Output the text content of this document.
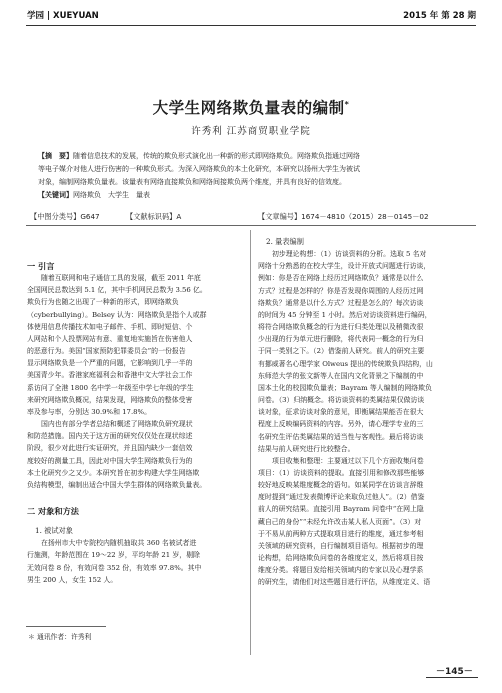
学园 | XUEYUAN	2015 年 第 28 期
大学生网络欺负量表的编制*
许秀利 江苏商贸职业学院
【摘　要】随着信息技术的发展，传统的欺负形式演化出一种新的形式即网络欺负。网络欺负指通过网络
等电子媒介对他人进行伤害的一种欺负形式。为深入网络欺负的本土化研究，本研究以扬州大学生为被试
对象，编制网络欺负量表。该量表有网络直接欺负和网络间接欺负两个维度，并具有良好的信效度。
【关键词】网络欺负　大学生　量表
【中图分类号】G647	【文献标识码】A	【文章编号】1674－4810（2015）28－0145－02
一 引言
随着互联网和电子通信工具的发展，截至 2011 年底
全国网民总数达到 5.1 亿，其中手机网民总数为 3.56 亿。
欺负行为也随之出现了一种新的形式，即网络欺负
（cyberbullying）。Belsey 认为：网络欺负是指个人或群
体使用信息传播技术如电子邮件、手机、即时短信、个
人网站和个人投票网站有意、重复地实施旨在伤害他人
的恶意行为。美国“国家预防犯罪委员会”的一份报告
显示网络欺负是一个严重的问题，它影响到几乎一半的
美国青少年。香港家庭福利会和香港中文大学社会工作
系访问了全港 1800 名中学一年级至中学七年级的学生
来研究网络欺负概况，结果发现，网络欺负的整体受害
率及参与率，分别达 30.9%和 17.8%。
国内也有部分学者总结和概述了网络欺负研究现状
和防范措施。国内关于这方面的研究仅仅处在现状综述
阶段，很少对此进行实证研究，并且国内缺少一套信效
度较好的测量工具，因此对中国大学生网络欺负行为的
本土化研究少之又少。本研究旨在初步构建大学生网络欺
负结构模型，编制出适合中国大学生群体的网络欺负量表。
二 对象和方法
1. 被试对象
在扬州市大中专院校内随机抽取共 360 名被试者进
行施测，年龄范围在 19～22 岁，平均年龄 21 岁，剔除
无效问卷 8 份，有效问卷 352 份，有效率 97.8%。其中
男生 200 人，女生 152 人。
2. 量表编制
初步理论构想：（1）访谈资料的分析。选取 5 名对
网络十分熟悉的在校大学生，设计开放式问题进行访谈，
例如：你是否在网络上经历过网络欺负？通常是以什么
方式？过程是怎样的？你是否发现你周围的人经历过网
络欺负？通常是以什么方式？过程是怎么的？每次访谈
的时间为 45 分钟至 1 小时。然后对访谈资料进行编码，
将符合网络欺负概念的行为进行归类处理以及稍微改很
少出现的行为单元进行删除，将代表同一概念的行为归
于同一类别之下。（2）借鉴前人研究。前人的研究主要
有挪威著名心理学家 Olweus 提出的传统欺负四结构，山
东师范大学的张文新等人在国内文化背景之下编制的中
国本土化的校园欺负量表；Bayram 等人编制的网络欺负
问卷。（3）归纳概念。将访谈资料的类属结果仅做访谈
谈对象，征求访谈对象的意见，即衡属结果能否在很大
程度上反映编码资料的内容。另外，请心理学专业的三
名研究生评估类属结果的适当性与客观性。最后将访谈
结果与前人研究进行比较整合。
项目收集和整理：主要通过以下几个方面收集问卷
项目：（1）访谈资料的提取。直接引用和修改那些能够
较好地反映某维度概念的语句。如某同学在访谈言辞维
度时提到“通过发表微博评论来取负过他人”。（2）借鉴
前人的研究结果。直接引用 Bayram 问卷中“在网上隐
藏自己的身份”“未经允许改击某人私人页面”。（3）对
于不易从前两种方式提取项目进行的维度，通过参考相
关领域的研究资料，自行编制项目语句。根据初步的理
论构想，给网络欺负问卷的各维度定义，然后将项目按
维度分类。将题目发给相关领域内的专家以及心理学系
的研究生，请他们对这些题目进行评估，从维度定义、语
＊ 通讯作者：许秀利
－145－
